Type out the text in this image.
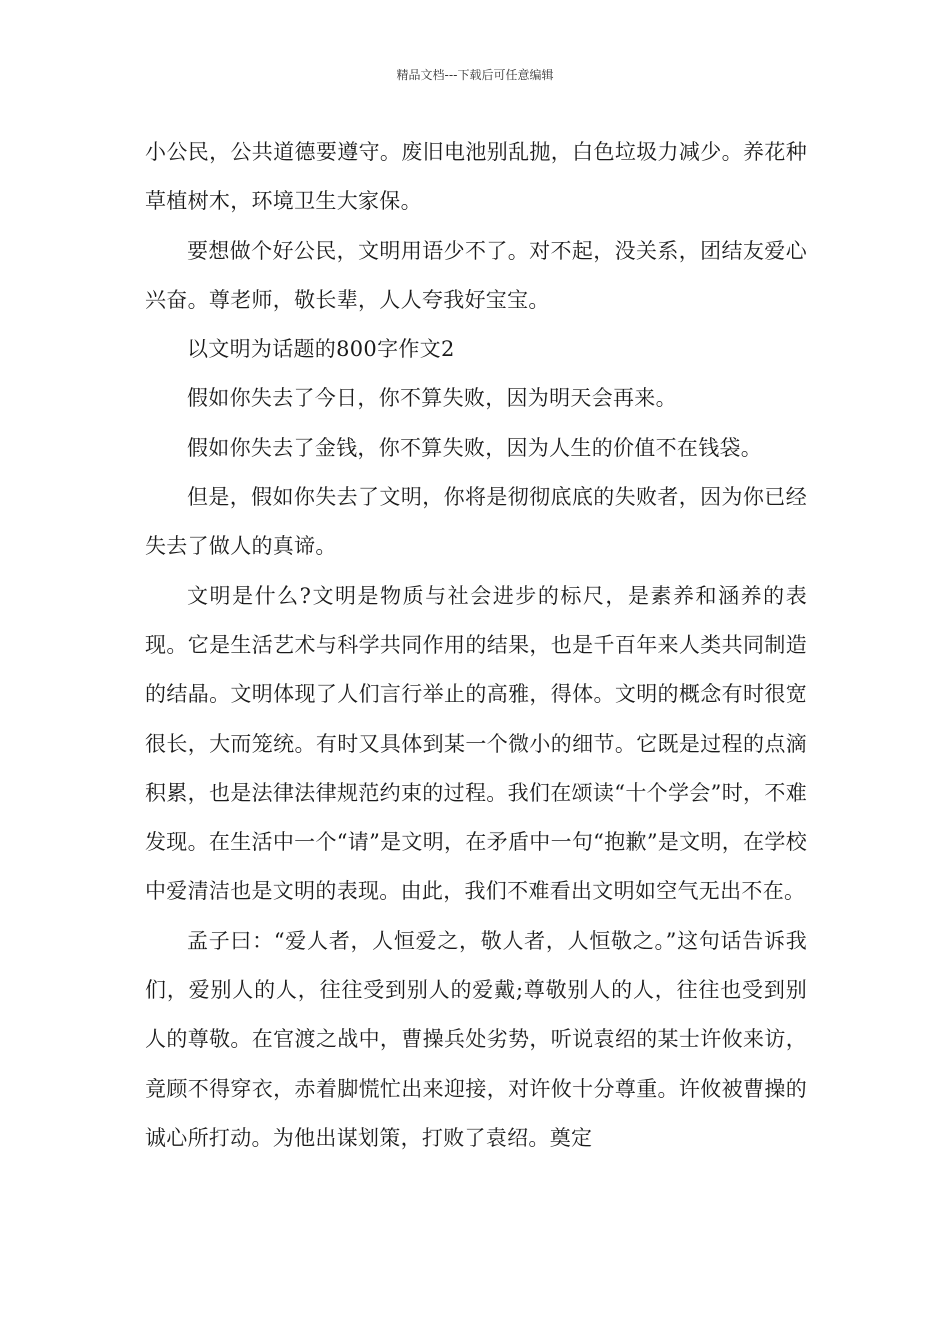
精品文档---下载后可任意编辑

小公民，公共道德要遵守。废旧电池别乱抛，白色垃圾力减少。养花种草植树木，环境卫生大家保。

要想做个好公民，文明用语少不了。对不起，没关系，团结友爱心兴奋。尊老师，敬长辈，人人夸我好宝宝。

以文明为话题的800字作文2

假如你失去了今日，你不算失败，因为明天会再来。

假如你失去了金钱，你不算失败，因为人生的价值不在钱袋。

但是，假如你失去了文明，你将是彻彻底底的失败者，因为你已经失去了做人的真谛。

文明是什么?文明是物质与社会进步的标尺，是素养和涵养的表现。它是生活艺术与科学共同作用的结果，也是千百年来人类共同制造的结晶。文明体现了人们言行举止的高雅，得体。文明的概念有时很宽很长，大而笼统。有时又具体到某一个微小的细节。它既是过程的点滴积累，也是法律法律规范约束的过程。我们在颂读“十个学会”时，不难发现。在生活中一个“请”是文明，在矛盾中一句“抱歉”是文明，在学校中爱清洁也是文明的表现。由此，我们不难看出文明如空气无出不在。

孟子曰：“爱人者，人恒爱之，敬人者，人恒敬之。”这句话告诉我们，爱别人的人，往往受到别人的爱戴;尊敬别人的人，往往也受到别人的尊敬。在官渡之战中，曹操兵处劣势，听说袁绍的某士许攸来访，竟顾不得穿衣，赤着脚慌忙出来迎接，对许攸十分尊重。许攸被曹操的诚心所打动。为他出谋划策，打败了袁绍。奠定
